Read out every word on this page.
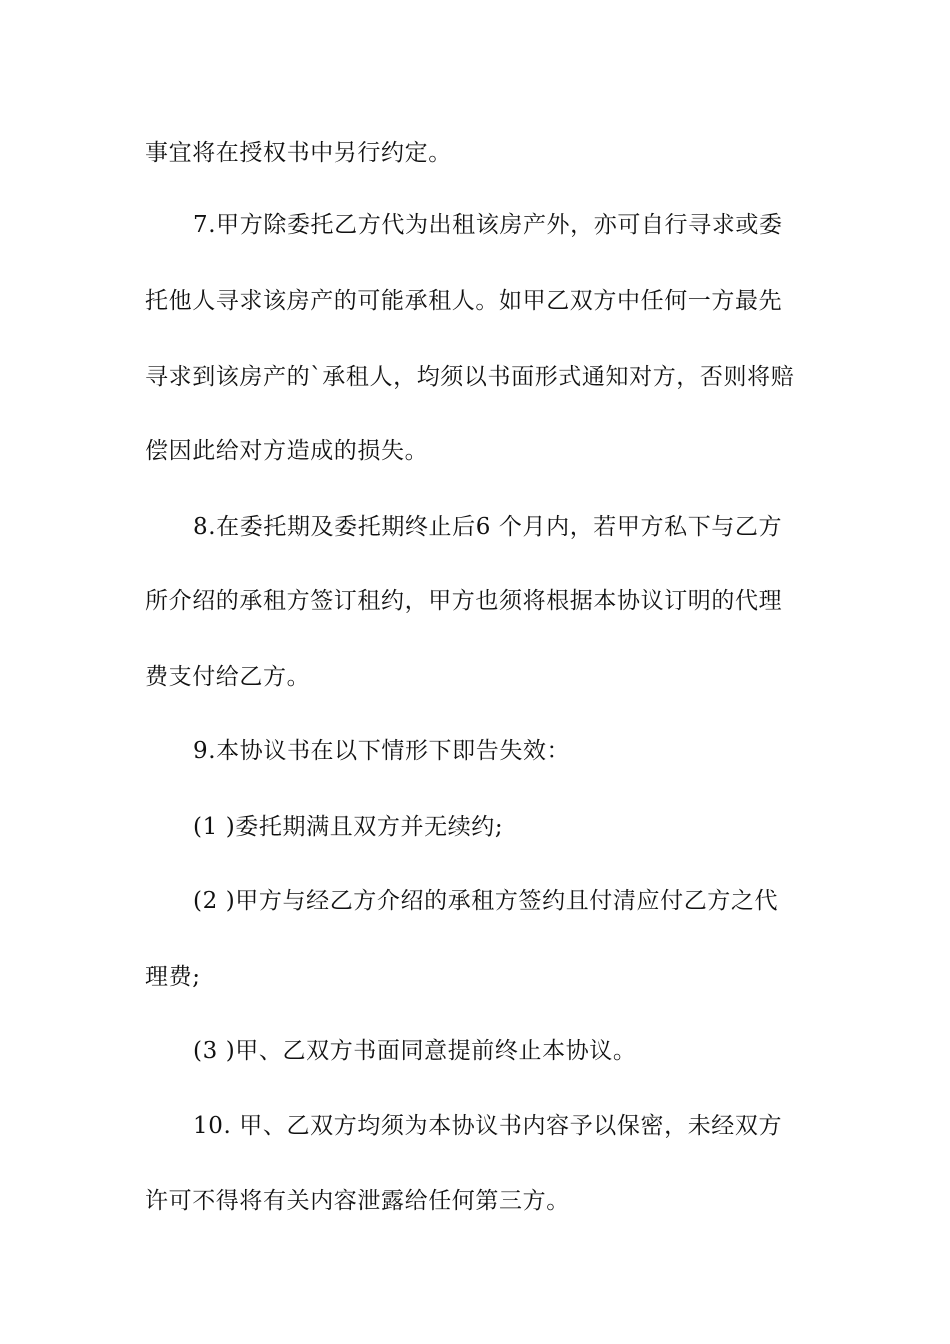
事宜将在授权书中另行约定。
7.甲方除委托乙方代为出租该房产外，亦可自行寻求或委
托他人寻求该房产的可能承租人。如甲乙双方中任何一方最先
寻求到该房产的`承租人，均须以书面形式通知对方，否则将赔
偿因此给对方造成的损失。
8.在委托期及委托期终止后6 个月内，若甲方私下与乙方
所介绍的承租方签订租约，甲方也须将根据本协议订明的代理
费支付给乙方。
9.本协议书在以下情形下即告失效：
(1 )委托期满且双方并无续约;
(2 )甲方与经乙方介绍的承租方签约且付清应付乙方之代
理费;
(3 )甲、乙双方书面同意提前终止本协议。
10. 甲、乙双方均须为本协议书内容予以保密，未经双方
许可不得将有关内容泄露给任何第三方。
